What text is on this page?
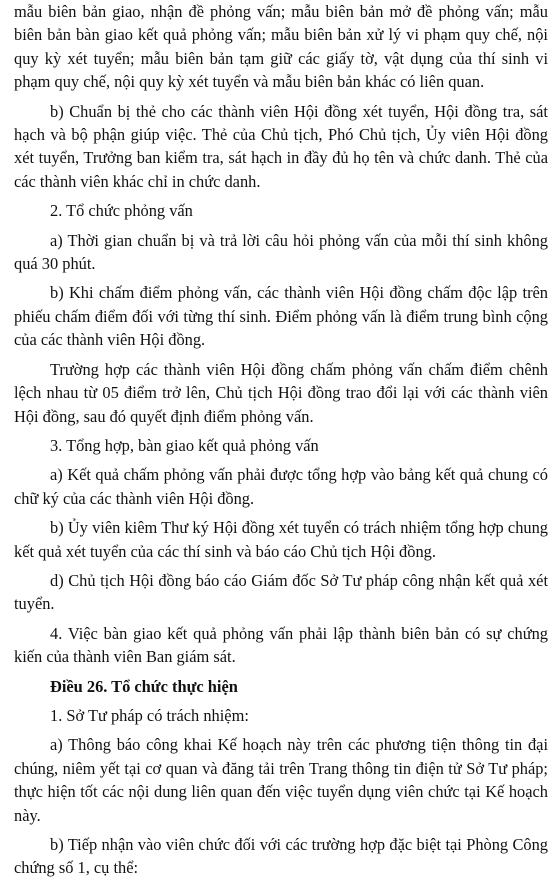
mẫu biên bản giao, nhận đề phỏng vấn; mẫu biên bản mở đề phỏng vấn; mẫu biên bản bàn giao kết quả phỏng vấn; mẫu biên bản xử lý vi phạm quy chế, nội quy kỳ xét tuyển; mẫu biên bản tạm giữ các giấy tờ, vật dụng của thí sinh vi phạm quy chế, nội quy kỳ xét tuyển và mẫu biên bản khác có liên quan.

b) Chuẩn bị thẻ cho các thành viên Hội đồng xét tuyển, Hội đồng tra, sát hạch và bộ phận giúp việc. Thẻ của Chủ tịch, Phó Chủ tịch, Ủy viên Hội đồng xét tuyển, Trưởng ban kiểm tra, sát hạch in đầy đủ họ tên và chức danh. Thẻ của các thành viên khác chỉ in chức danh.

2. Tổ chức phỏng vấn

a) Thời gian chuẩn bị và trả lời câu hỏi phỏng vấn của mỗi thí sinh không quá 30 phút.

b) Khi chấm điểm phỏng vấn, các thành viên Hội đồng chấm độc lập trên phiếu chấm điểm đối với từng thí sinh. Điểm phỏng vấn là điểm trung bình cộng của các thành viên Hội đồng.

Trường hợp các thành viên Hội đồng chấm phỏng vấn chấm điểm chênh lệch nhau từ 05 điểm trở lên, Chủ tịch Hội đồng trao đổi lại với các thành viên Hội đồng, sau đó quyết định điểm phỏng vấn.

3. Tổng hợp, bàn giao kết quả phỏng vấn

a) Kết quả chấm phỏng vấn phải được tổng hợp vào bảng kết quả chung có chữ ký của các thành viên Hội đồng.

b) Ủy viên kiêm Thư ký Hội đồng xét tuyển có trách nhiệm tổng hợp chung kết quả xét tuyển của các thí sinh và báo cáo Chủ tịch Hội đồng.

d) Chủ tịch Hội đồng báo cáo Giám đốc Sở Tư pháp công nhận kết quả xét tuyển.

4. Việc bàn giao kết quả phỏng vấn phải lập thành biên bản có sự chứng kiến của thành viên Ban giám sát.

Điều 26. Tổ chức thực hiện

1. Sở Tư pháp có trách nhiệm:

a) Thông báo công khai Kế hoạch này trên các phương tiện thông tin đại chúng, niêm yết tại cơ quan và đăng tải trên Trang thông tin điện tử Sở Tư pháp; thực hiện tốt các nội dung liên quan đến việc tuyển dụng viên chức tại Kế hoạch này.

b) Tiếp nhận vào viên chức đối với các trường hợp đặc biệt tại Phòng Công chứng số 1, cụ thể:
